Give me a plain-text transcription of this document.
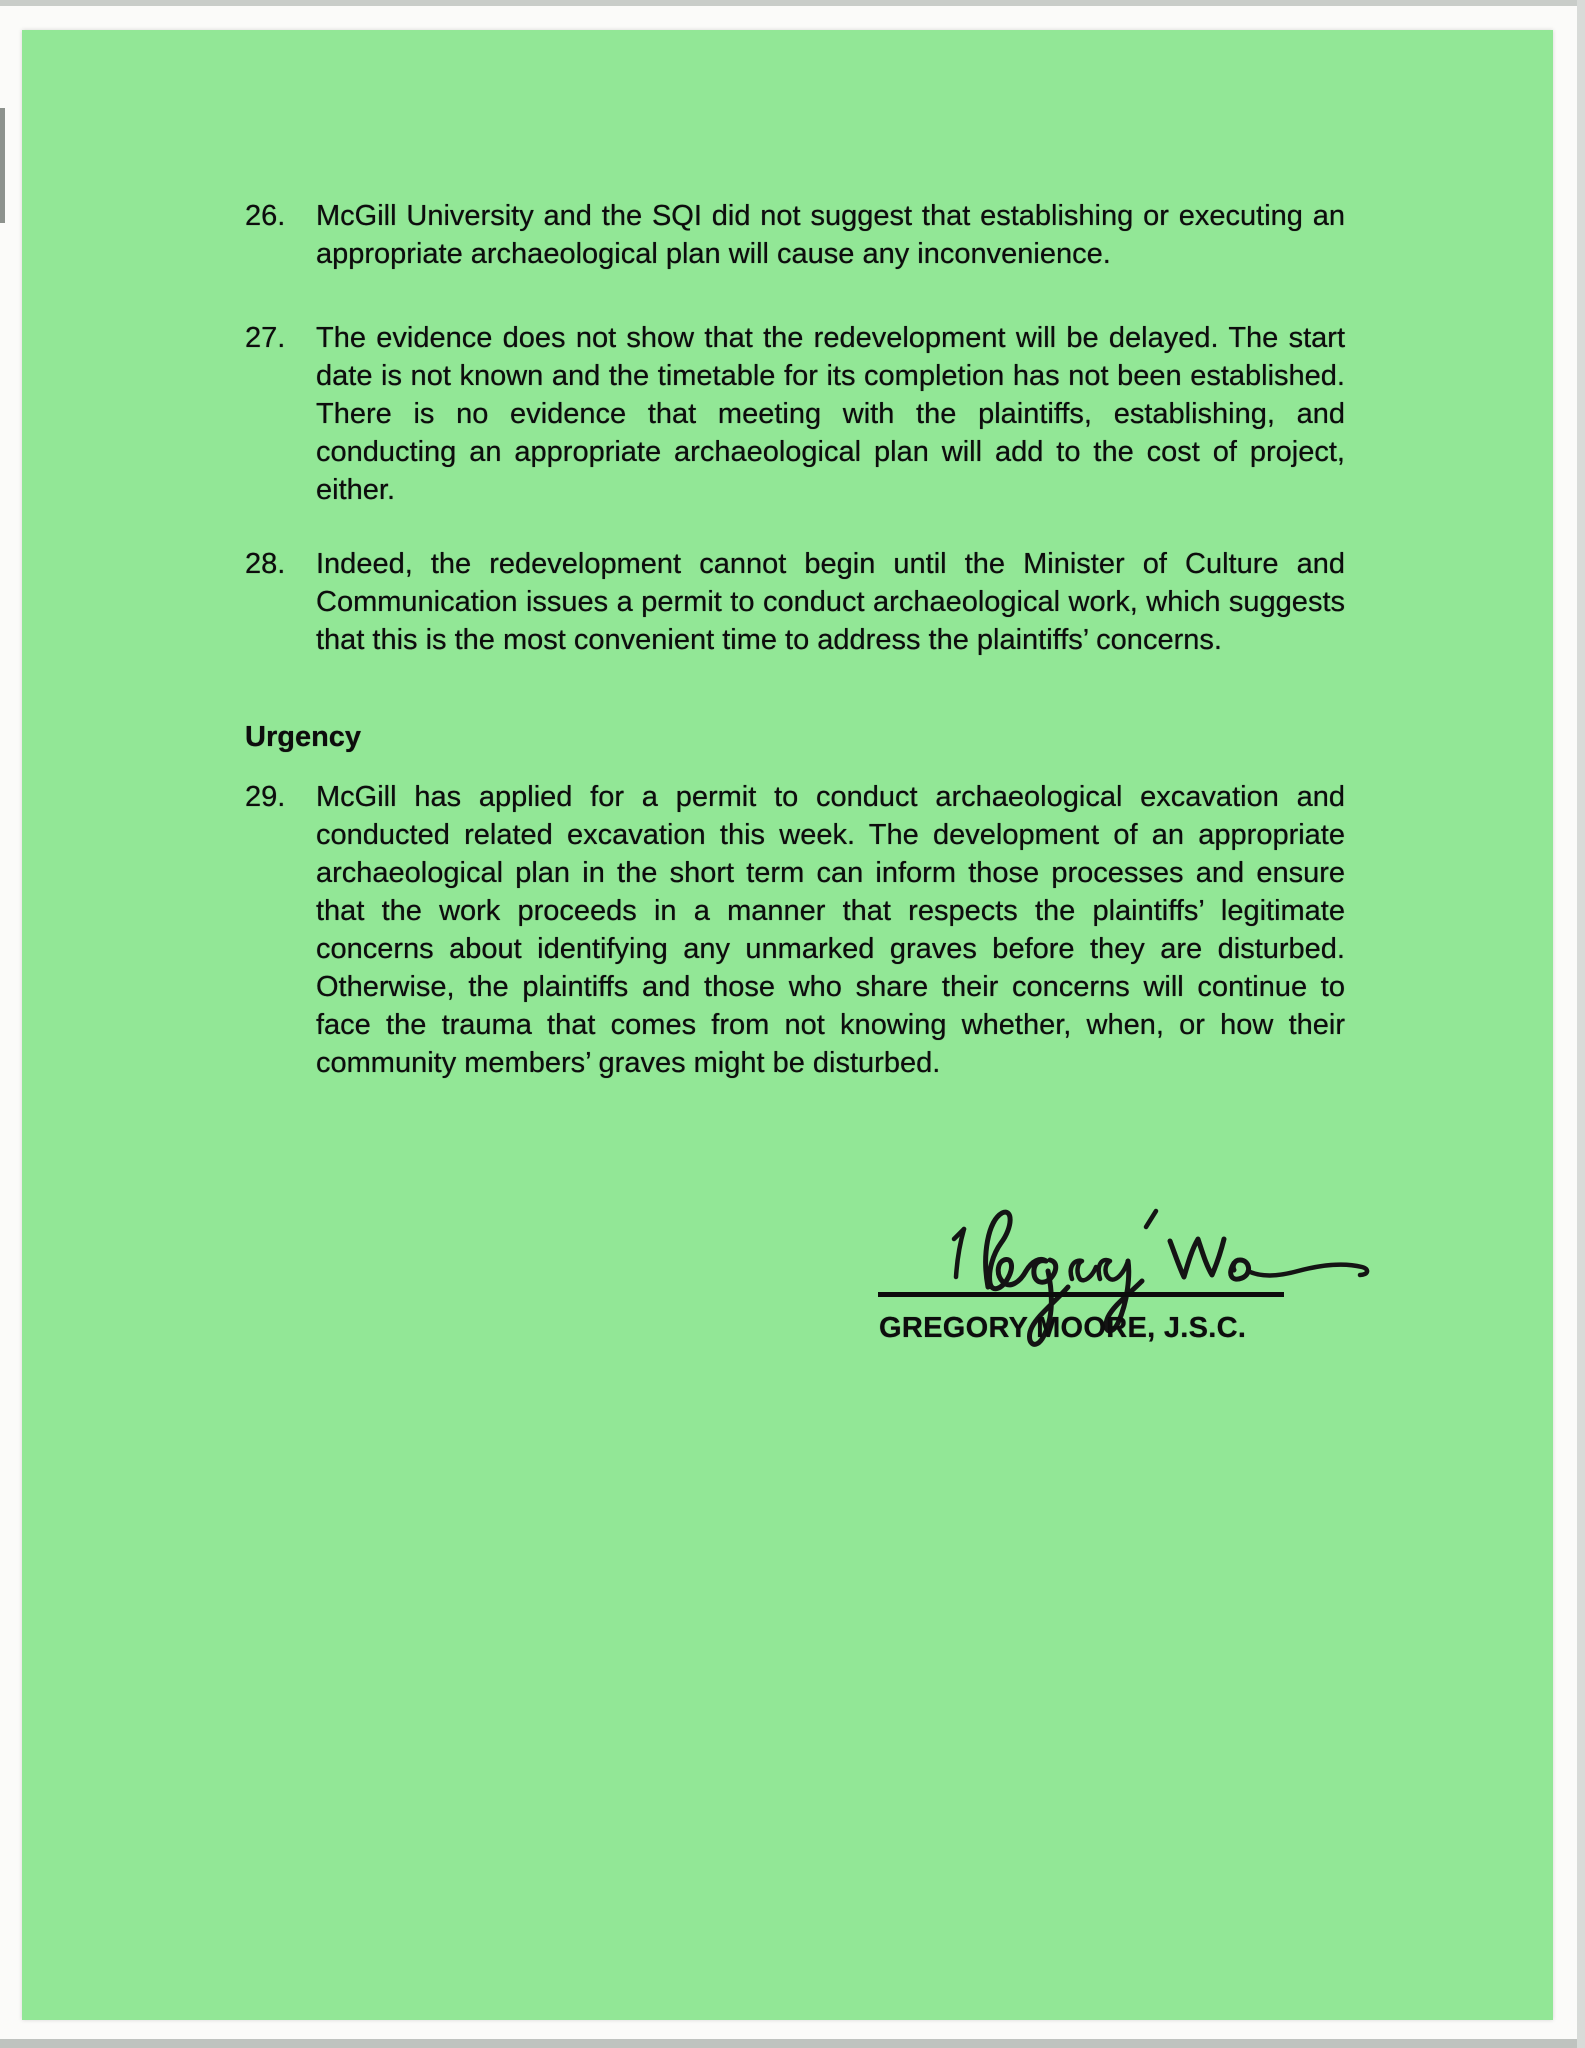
26.	McGill University and the SQI did not suggest that establishing or executing an appropriate archaeological plan will cause any inconvenience.
27.	The evidence does not show that the redevelopment will be delayed. The start date is not known and the timetable for its completion has not been established. There is no evidence that meeting with the plaintiffs, establishing, and conducting an appropriate archaeological plan will add to the cost of project, either.
28.	Indeed, the redevelopment cannot begin until the Minister of Culture and Communication issues a permit to conduct archaeological work, which suggests that this is the most convenient time to address the plaintiffs’ concerns.
Urgency
29.	McGill has applied for a permit to conduct archaeological excavation and conducted related excavation this week. The development of an appropriate archaeological plan in the short term can inform those processes and ensure that the work proceeds in a manner that respects the plaintiffs’ legitimate concerns about identifying any unmarked graves before they are disturbed. Otherwise, the plaintiffs and those who share their concerns will continue to face the trauma that comes from not knowing whether, when, or how their community members’ graves might be disturbed.
GREGORY MOORE, J.S.C.
